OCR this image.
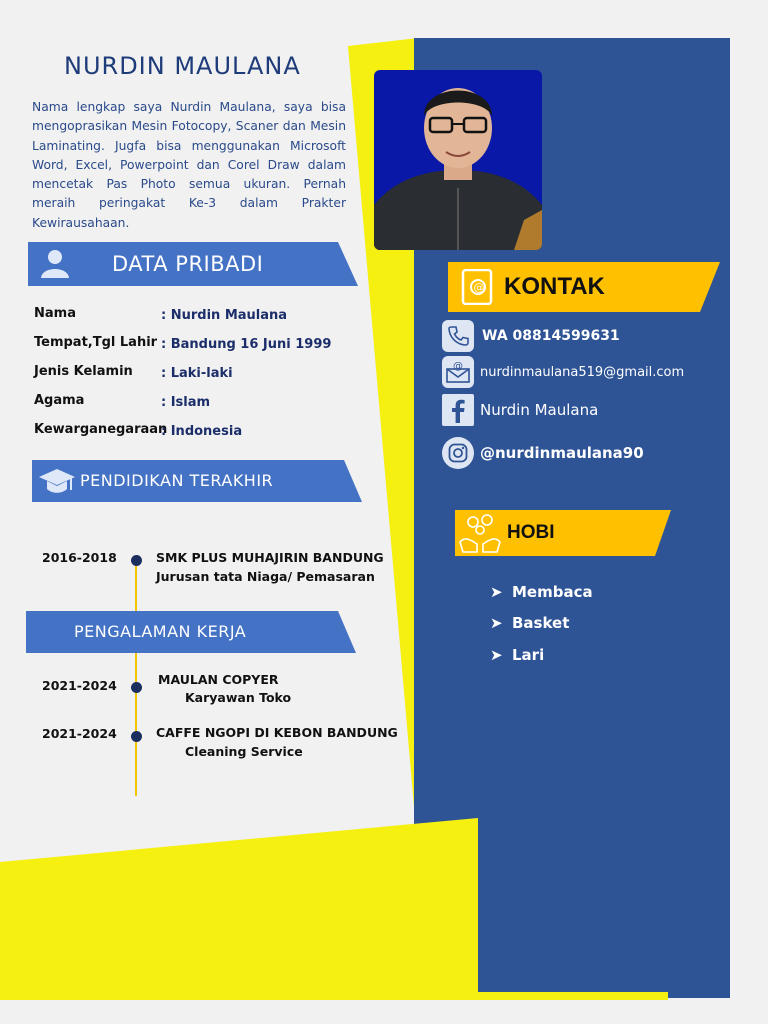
NURDIN MAULANA

Nama lengkap saya Nurdin Maulana, saya bisa mengoprasikan Mesin Fotocopy, Scaner dan Mesin Laminating. Jugfa bisa menggunakan Microsoft Word, Excel, Powerpoint dan Corel Draw dalam mencetak Pas Photo semua ukuran. Pernah meraih peringakat Ke-3 dalam Prakter Kewirausahaan.

DATA PRIBADI
Nama	: Nurdin Maulana
Tempat,Tgl Lahir : Bandung 16 Juni 1999
Jenis Kelamin : Laki-laki
Agama	: Islam
Kewarganegaraan
: Indonesia
PENDIDIKAN TERAKHIR
2016-2018	SMK PLUS MUHAJIRIN BANDUNG
Jurusan tata Niaga/ Pemasaran
PENGALAMAN KERJA
2021-2024	MAULAN COPYER
Karyawan Toko
2021-2024	CAFFE NGOPI DI KEBON BANDUNG
Cleaning Service
@ KONTAK
WA 08814599631
@ nurdinmaulana519@gmail.com
Nurdin Maulana
@nurdinmaulana90
HOBI
➤ Membaca
➤ Basket
➤ Lari
